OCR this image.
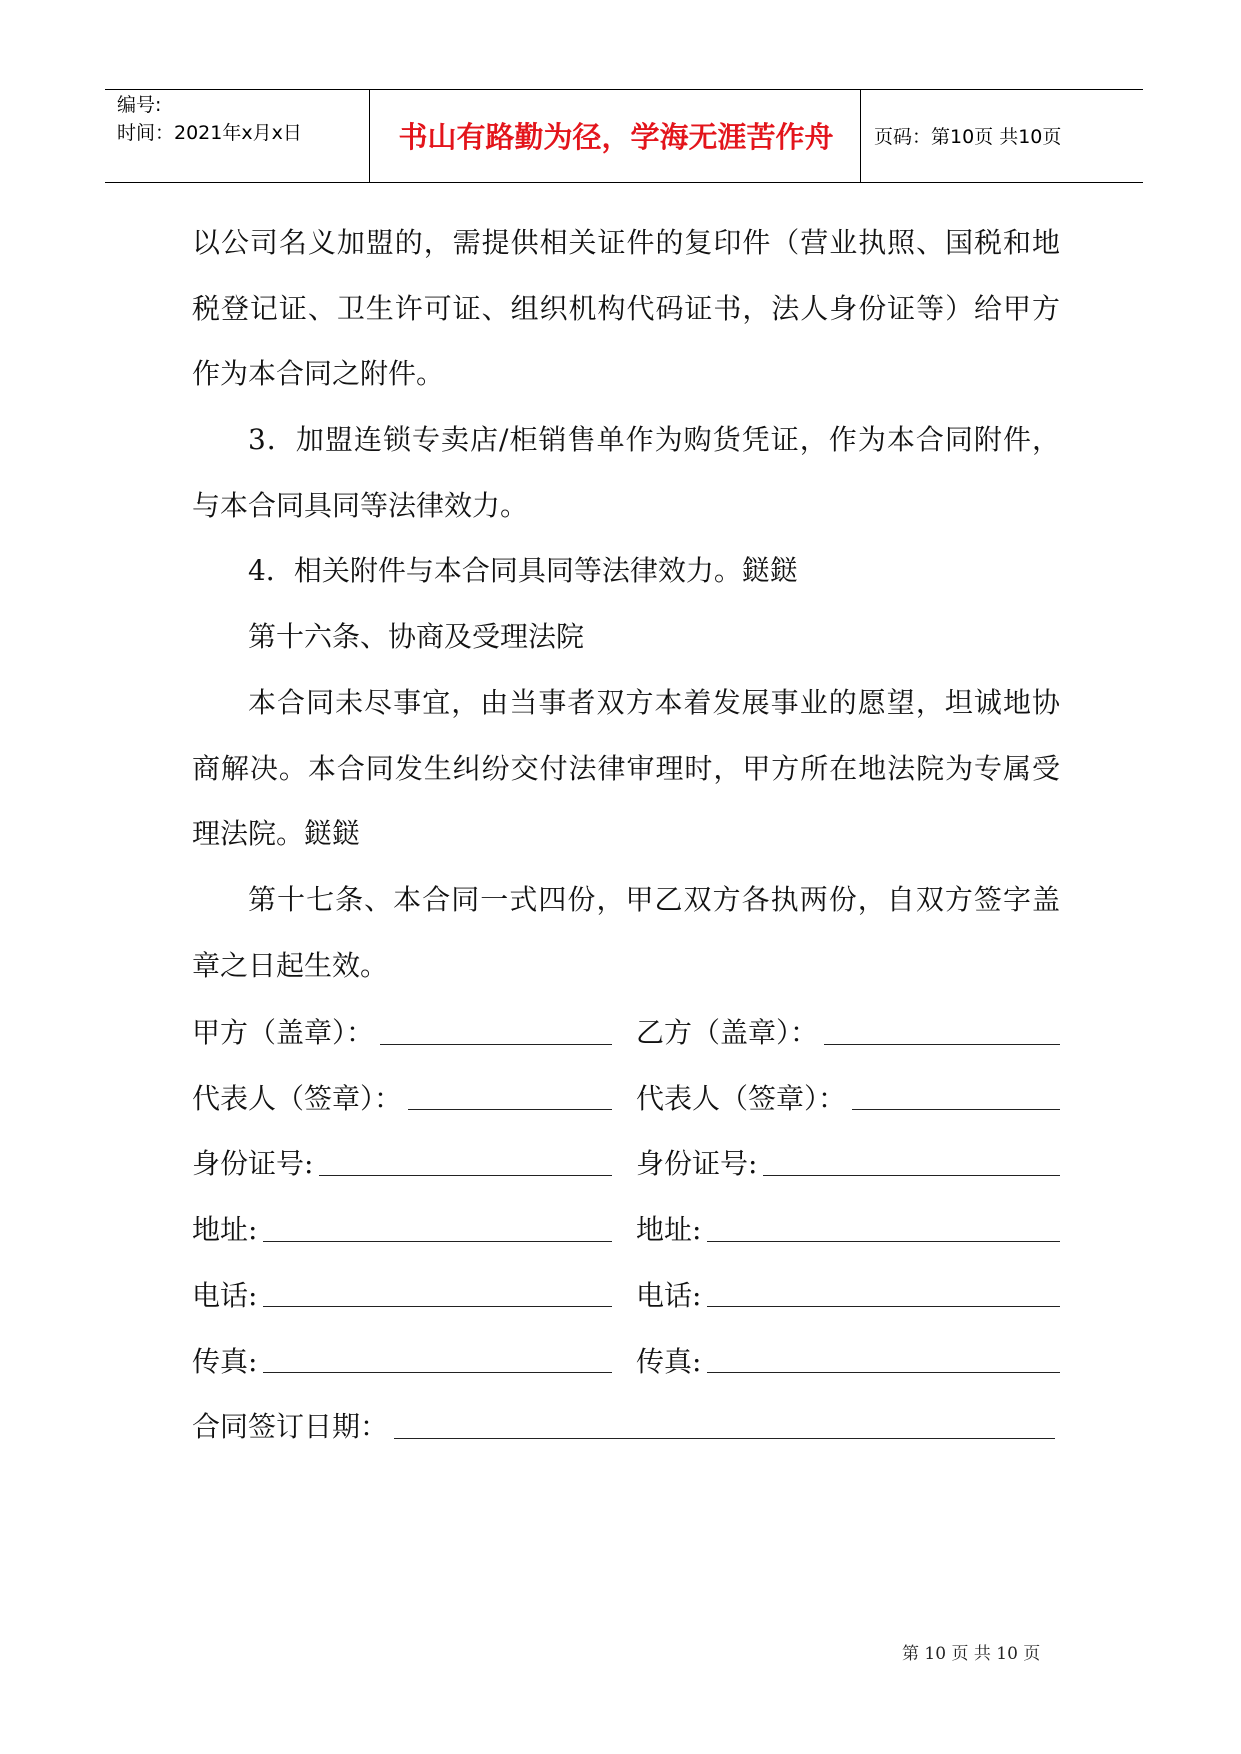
编号:
时间：2021年x月x日	书山有路勤为径，学海无涯苦作舟	页码：第10页 共10页
以公司名义加盟的，需提供相关证件的复印件（营业执照、国税和地
税登记证、卫生许可证、组织机构代码证书，法人身份证等）给甲方
作为本合同之附件。
3．加盟连锁专卖店/柜销售单作为购货凭证，作为本合同附件，
与本合同具同等法律效力。
4．相关附件与本合同具同等法律效力。鎹鎹
第十六条、协商及受理法院
本合同未尽事宜，由当事者双方本着发展事业的愿望，坦诚地协
商解决。本合同发生纠纷交付法律审理时，甲方所在地法院为专属受
理法院。鎹鎹
第十七条、本合同一式四份，甲乙双方各执两份，自双方签字盖
章之日起生效。
甲方（盖章）：	乙方（盖章）：
代表人（签章）：	代表人（签章）：
身份证号:	身份证号:
地址:	地址:
电话:	电话:
传真:	传真:
合同签订日期：
第 10 页 共 10 页
